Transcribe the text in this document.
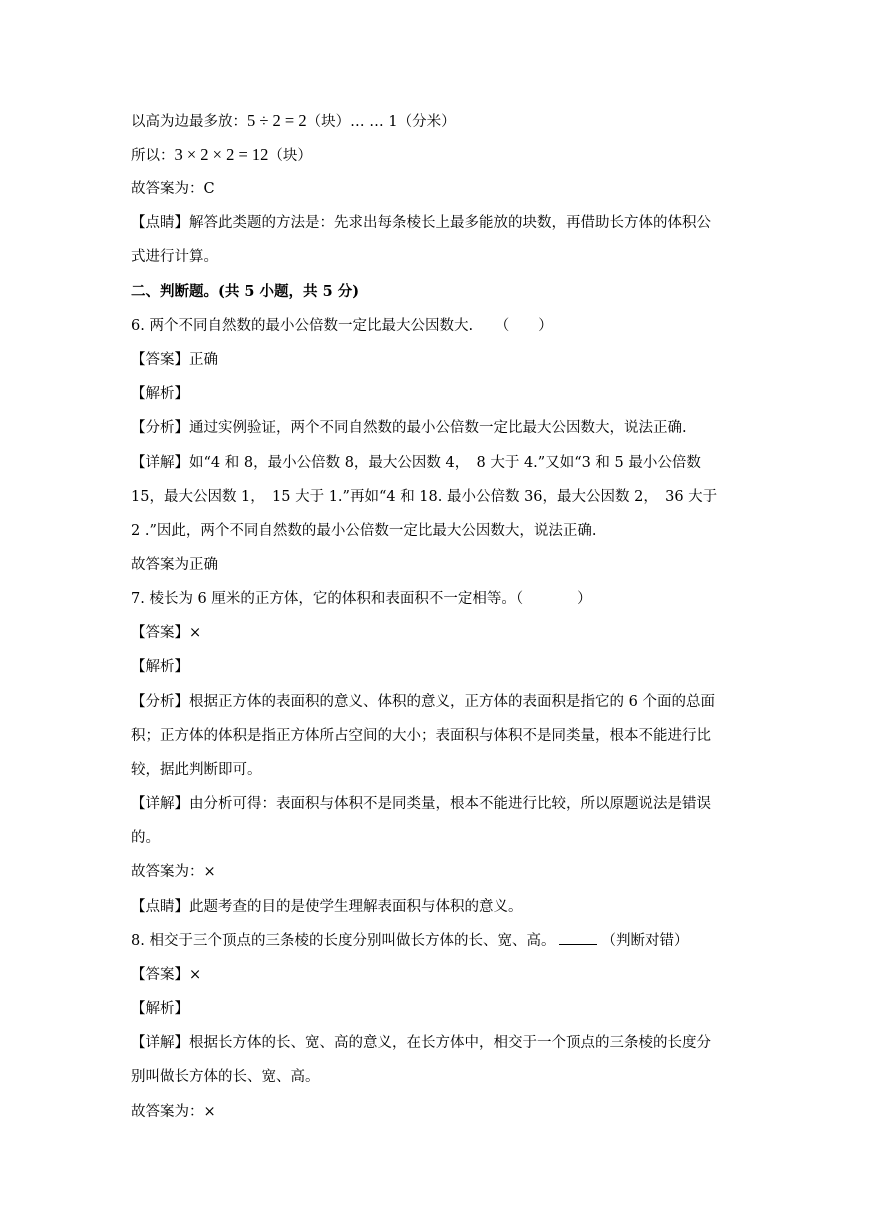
以高为边最多放：5 ÷ 2 = 2（块）… … 1（分米）
所以：3 × 2 × 2 = 12（块）
故答案为：C
【点睛】解答此类题的方法是：先求出每条棱长上最多能放的块数，再借助长方体的体积公
式进行计算。
二、判断题。(共 5 小题，共 5 分)
6. 两个不同自然数的最小公倍数一定比最大公因数大.　　（　　）
【答案】正确
【解析】
【分析】通过实例验证，两个不同自然数的最小公倍数一定比最大公因数大，说法正确.
【详解】如“4 和 8，最小公倍数 8，最大公因数 4，　8 大于 4.”又如“3 和 5 最小公倍数
15，最大公因数 1，　15 大于 1.”再如“4 和 18. 最小公倍数 36，最大公因数 2，　36 大于
2 .”因此，两个不同自然数的最小公倍数一定比最大公因数大，说法正确.
故答案为正确
7. 棱长为 6 厘米的正方体，它的体积和表面积不一定相等。（	）
【答案】×
【解析】
【分析】根据正方体的表面积的意义、体积的意义，正方体的表面积是指它的 6 个面的总面
积；正方体的体积是指正方体所占空间的大小；表面积与体积不是同类量，根本不能进行比
较，据此判断即可。
【详解】由分析可得：表面积与体积不是同类量，根本不能进行比较，所以原题说法是错误
的。
故答案为：×
【点睛】此题考查的目的是使学生理解表面积与体积的意义。
8. 相交于三个顶点的三条棱的长度分别叫做长方体的长、宽、高。	（判断对错）
【答案】×
【解析】
【详解】根据长方体的长、宽、高的意义，在长方体中，相交于一个顶点的三条棱的长度分
别叫做长方体的长、宽、高。
故答案为：×
